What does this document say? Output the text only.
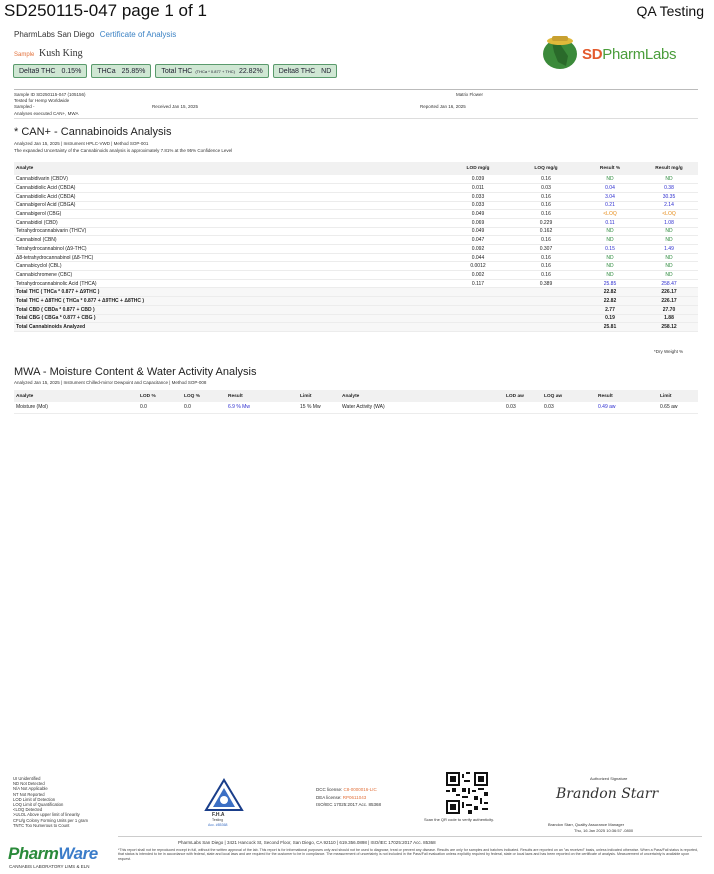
SD250115-047 page 1 of 1	QA Testing
PharmLabs San Diego Certificate of Analysis
Sample Kush King
Delta9 THC 0.15% THCa 25.85% Total THC (THCa * 0.877 + THC) 22.82% Delta8 THC ND
SDPharmLabs
Sample ID SD250115-047 (105156)
Tested for Hemp Worldwide
Sampled -	Received Jan 15, 2025
Analyses executed CAN+, MWA
Matrix Flower
Reported Jan 16, 2025
* CAN+ - Cannabinoids Analysis
Analyzed Jan 15, 2025 | Instrument HPLC-VWD | Method SOP-001
The expanded Uncertainty of the Cannabinoids analysis is approximately 7.81% at the 95% Confidence Level
Analyte	LOD mg/g	LOQ mg/g	Result %	Result mg/g
Cannabidivarin (CBDV)	0.039	0.16	ND	ND
Cannabidiolic Acid (CBDA)	0.011	0.03	0.04	0.38
Cannabidiolic Acid (CBDA)	0.033	0.16	3.04	30.35
Cannabigerol Acid (CBGA)	0.033	0.16	0.21	2.14
Cannabigerol (CBG)	0.049	0.16	<LOQ	<LOQ
Cannabidiol (CBD)	0.069	0.229	0.11	1.08
Tetrahydrocannabivarin (THCV)	0.049	0.162	ND	ND
Cannabinol (CBN)	0.047	0.16	ND	ND
Tetrahydrocannabinol (Δ9-THC)	0.092	0.307	0.15	1.49
Δ8-tetrahydrocannabinol (Δ8-THC)	0.044	0.16	ND	ND
Cannabicyclol (CBL)	0.0012	0.16	ND	ND
Cannabichromene (CBC)	0.002	0.16	ND	ND
Tetrahydrocannabinolic Acid (THCA)	0.117	0.389	25.85	258.47
Total THC ( THCa * 0.877 + Δ9THC )			22.82	226.17
Total THC + Δ8THC ( THCa * 0.877 + Δ9THC + Δ8THC )			22.82	226.17
Total CBD ( CBDa * 0.877 + CBD )			2.77	27.70
Total CBG ( CBGa * 0.877 + CBG )			0.19	1.88
Total Cannabinoids Analyzed			25.81	258.12
*Dry Weight %
MWA - Moisture Content & Water Activity Analysis
Analyzed Jan 15, 2025 | Instrument Chilled-mirror Dewpoint and Capacitance | Method SOP-008
Analyte	LOD %	LOQ %	Result	Limit	Analyte	LOD aw	LOQ aw	Result	Limit
Moisture (Mol)	0.0	0.0	6.9 % Mw	15 % Mw	Water Activity (WA)	0.03	0.03	0.49 aw	0.65 aw
UI Unidentified
ND Not Detected
N/A Not Applicable
NT Not Reported
LOD Limit of Detection
LOQ Limit of Quantification
<LOQ Detected
>ULOL Above upper limit of linearity
CFU/g Colony Forming Units per 1 gram
TNTC Too Numerous to Count
F.H.A
Testing
Acc. #85368
DCC license: C8-0000016-LIC
DEA license: RP0611043
ISO/IEC 17025:2017 Acc. 85368
Scan the QR code to verify authenticity.
Authorized Signature
Brandon Starr
Brandon Starr, Quality Assurance Manager
Thu, 16 Jan 2025 10:36:57 -0800
PharmLabs San Diego | 3421 Hancock St, Second Floor, San Diego, CA 92110 | 619.356.0898 | ISO/IEC 17025:2017 Acc. 85368
*This report shall not be reproduced except in full, without the written approval of the lab. This report is for informational purposes only and should not be used to diagnose, treat or prevent any disease. Results are only for samples and batches indicated. Results are reported on an "as received" basis, unless indicated otherwise. When a Pass/Fail status is reported, that status is intended to be in accordance with federal, state and local laws and are required for the customer to be in compliance. The measurement of uncertainty is not included in the Pass/Fail evaluation unless explicitly required by federal, state or local laws and has been reported on the certificate of analysis. Measurement of uncertainty is available upon request.
PharmWare
CANNABIS LABORATORY LIMS & ELN
